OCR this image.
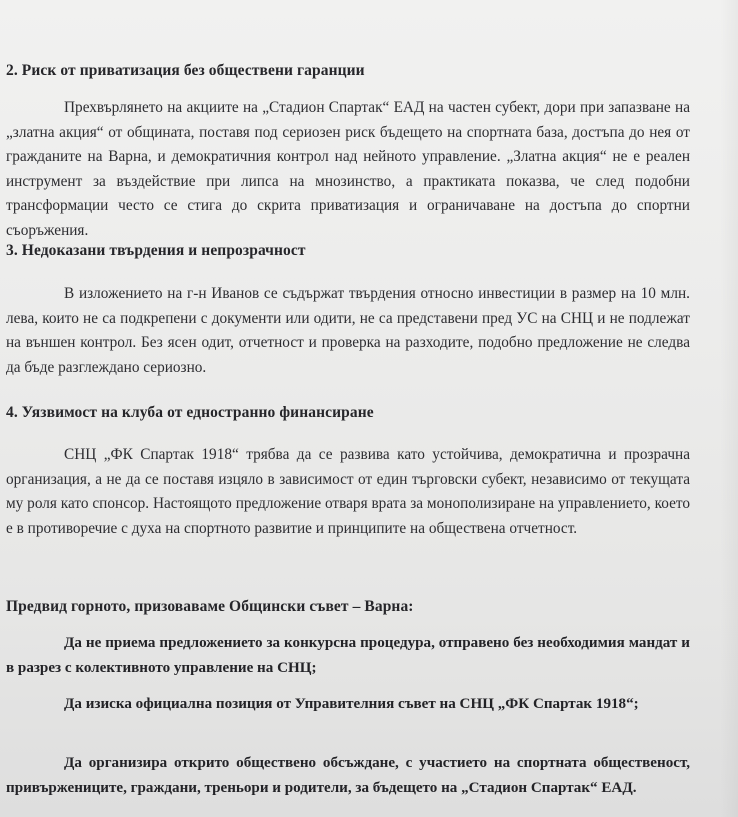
2. Риск от приватизация без обществени гаранции

Прехвърлянето на акциите на „Стадион Спартак“ ЕАД на частен субект, дори при запазване на „златна акция“ от общината, поставя под сериозен риск бъдещето на спортната база, достъпа до нея от гражданите на Варна, и демократичния контрол над нейното управление. „Златна акция“ не е реален инструмент за въздействие при липса на мнозинство, а практиката показва, че след подобни трансформации често се стига до скрита приватизация и ограничаване на достъпа до спортни съоръжения.

3. Недоказани твърдения и непрозрачност

В изложението на г-н Иванов се съдържат твърдения относно инвестиции в размер на 10 млн. лева, които не са подкрепени с документи или одити, не са представени пред УС на СНЦ и не подлежат на външен контрол. Без ясен одит, отчетност и проверка на разходите, подобно предложение не следва да бъде разглеждано сериозно.

4. Уязвимост на клуба от едностранно финансиране

СНЦ „ФК Спартак 1918“ трябва да се развива като устойчива, демократична и прозрачна организация, а не да се поставя изцяло в зависимост от един търговски субект, независимо от текущата му роля като спонсор. Настоящото предложение отваря врата за монополизиране на управлението, което е в противоречие с духа на спортното развитие и принципите на обществена отчетност.

Предвид горното, призоваваме Общински съвет – Варна:

Да не приема предложението за конкурсна процедура, отправено без необходимия мандат и в разрез с колективното управление на СНЦ;

Да изиска официална позиция от Управителния съвет на СНЦ „ФК Спартак 1918“;

Да организира открито обществено обсъждане, с участието на спортната общественост, привържениците, граждани, треньори и родители, за бъдещето на „Стадион Спартак“ ЕАД.
